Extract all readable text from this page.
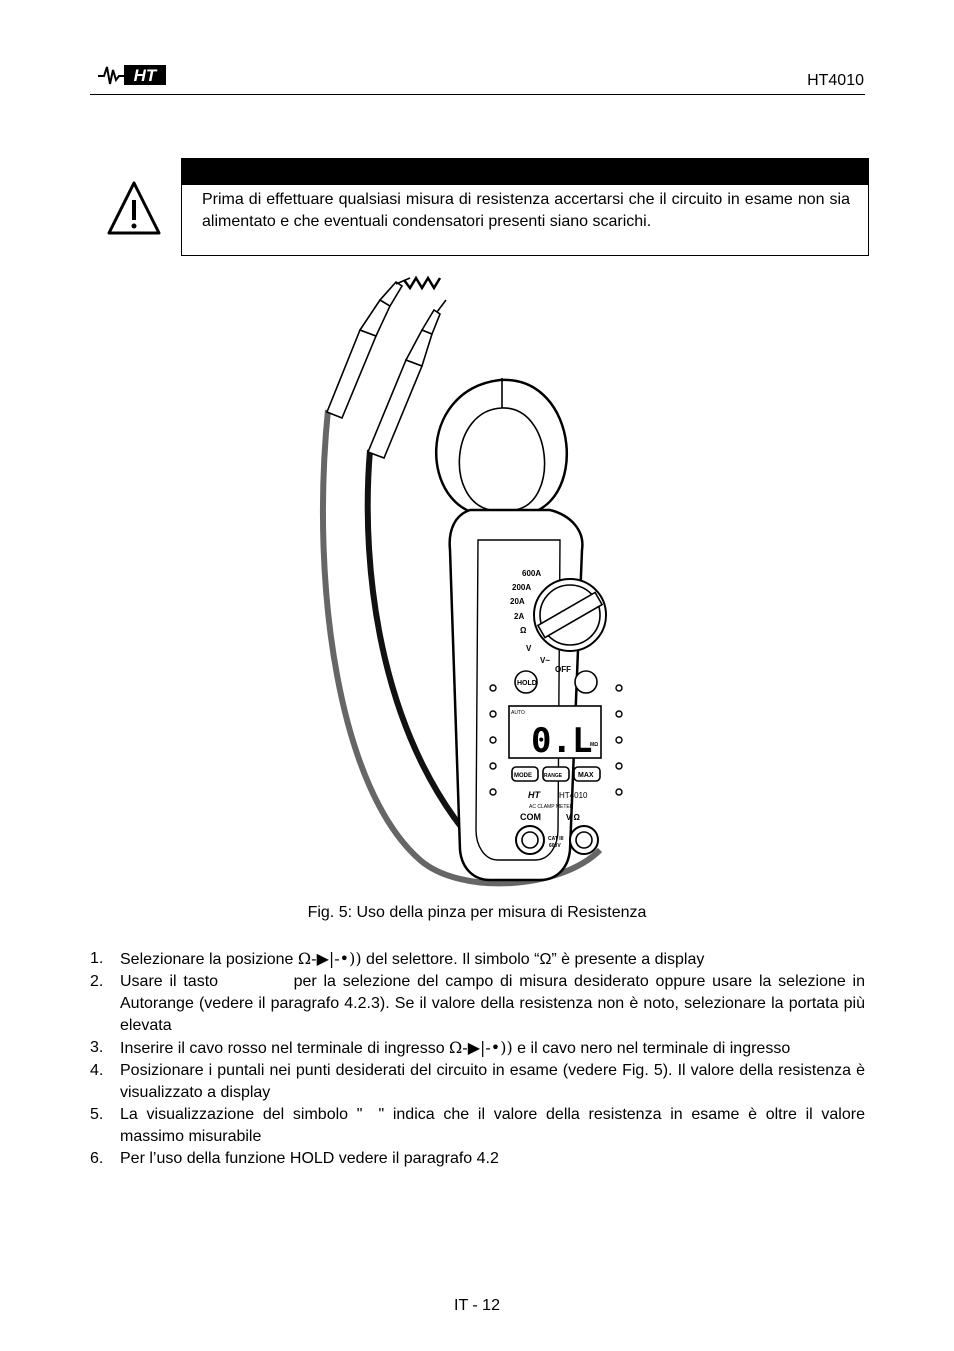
HT	HT4010
Prima di effettuare qualsiasi misura di resistenza accertarsi che il circuito in esame non sia alimentato e che eventuali condensatori presenti siano scarichi.
600A
200A
20A
2A
Ω
V
V~
OFF
HOLD
AUTO
0.L
MΩ
MODE RANGE MAX
HT HT4010
AC CLAMP METER
COM	V Ω
CAT III
600V
Fig. 5: Uso della pinza per misura di Resistenza
1. Selezionare la posizione Ω-▶|-•)) del selettore. Il simbolo “Ω” è presente a display
2. Usare il tasto	per la selezione del campo di misura desiderato oppure usare la selezione in Autorange (vedere il paragrafo 4.2.3). Se il valore della resistenza non è noto, selezionare la portata più elevata
3. Inserire il cavo rosso nel terminale di ingresso Ω-▶|-•)) e il cavo nero nel terminale di ingresso
4. Posizionare i puntali nei punti desiderati del circuito in esame (vedere Fig. 5). Il valore della resistenza è visualizzato a display
5. La visualizzazione del simbolo " " indica che il valore della resistenza in esame è oltre il valore massimo misurabile
6. Per l’uso della funzione HOLD vedere il paragrafo 4.2
IT - 12
